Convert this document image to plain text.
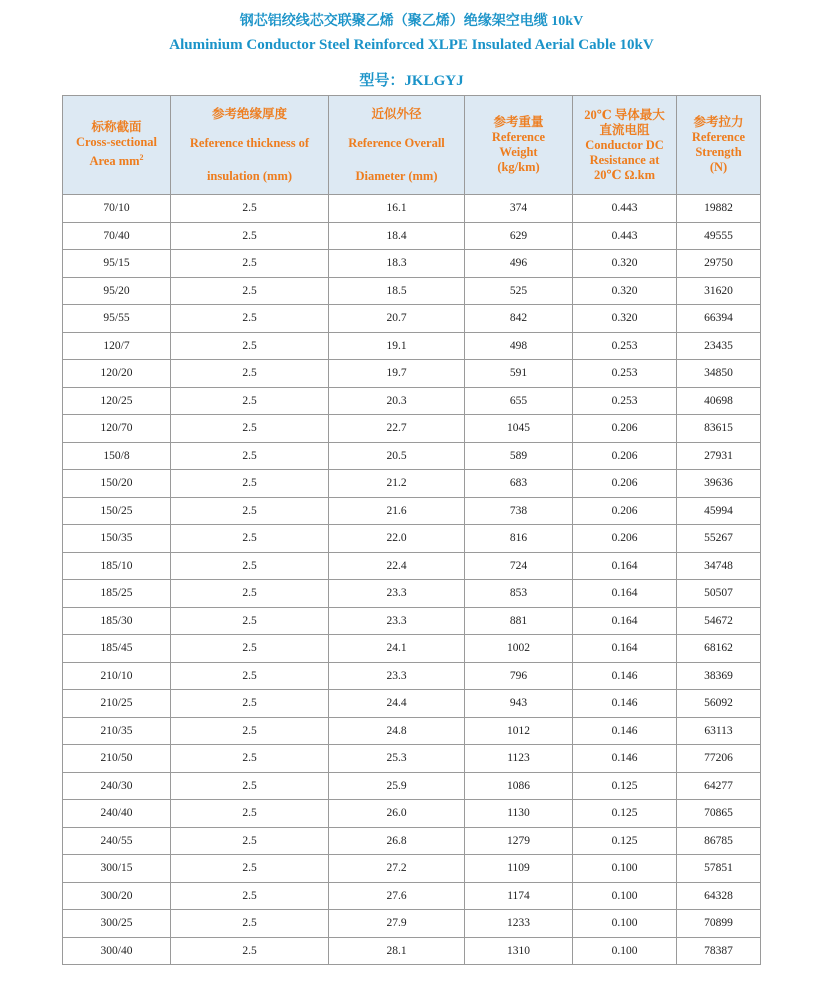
钢芯铝绞线芯交联聚乙烯（聚乙烯）绝缘架空电缆 10kV
Aluminium Conductor Steel Reinforced XLPE Insulated Aerial Cable 10kV
型号：JKLGYJ
标称截面
Cross-sectional
Area $mm^2$	参考绝缘厚度
Reference thickness of
insulation (mm)	近似外径
Reference Overall
Diameter (mm)	参考重量
Reference
Weight
(kg/km)	20℃ 导体最大
直流电阻
Conductor DC
Resistance at
20℃ Ω.km	参考拉力
Reference
Strength
(N)

70/10	2.5	16.1	374	0.443	19882
70/40	2.5	18.4	629	0.443	49555
95/15	2.5	18.3	496	0.320	29750
95/20	2.5	18.5	525	0.320	31620
95/55	2.5	20.7	842	0.320	66394
120/7	2.5	19.1	498	0.253	23435
120/20	2.5	19.7	591	0.253	34850
120/25	2.5	20.3	655	0.253	40698
120/70	2.5	22.7	1045	0.206	83615
150/8	2.5	20.5	589	0.206	27931
150/20	2.5	21.2	683	0.206	39636
150/25	2.5	21.6	738	0.206	45994
150/35	2.5	22.0	816	0.206	55267
185/10	2.5	22.4	724	0.164	34748
185/25	2.5	23.3	853	0.164	50507
185/30	2.5	23.3	881	0.164	54672
185/45	2.5	24.1	1002	0.164	68162
210/10	2.5	23.3	796	0.146	38369
210/25	2.5	24.4	943	0.146	56092
210/35	2.5	24.8	1012	0.146	63113
210/50	2.5	25.3	1123	0.146	77206
240/30	2.5	25.9	1086	0.125	64277
240/40	2.5	26.0	1130	0.125	70865
240/55	2.5	26.8	1279	0.125	86785
300/15	2.5	27.2	1109	0.100	57851
300/20	2.5	27.6	1174	0.100	64328
300/25	2.5	27.9	1233	0.100	70899
300/40	2.5	28.1	1310	0.100	78387
